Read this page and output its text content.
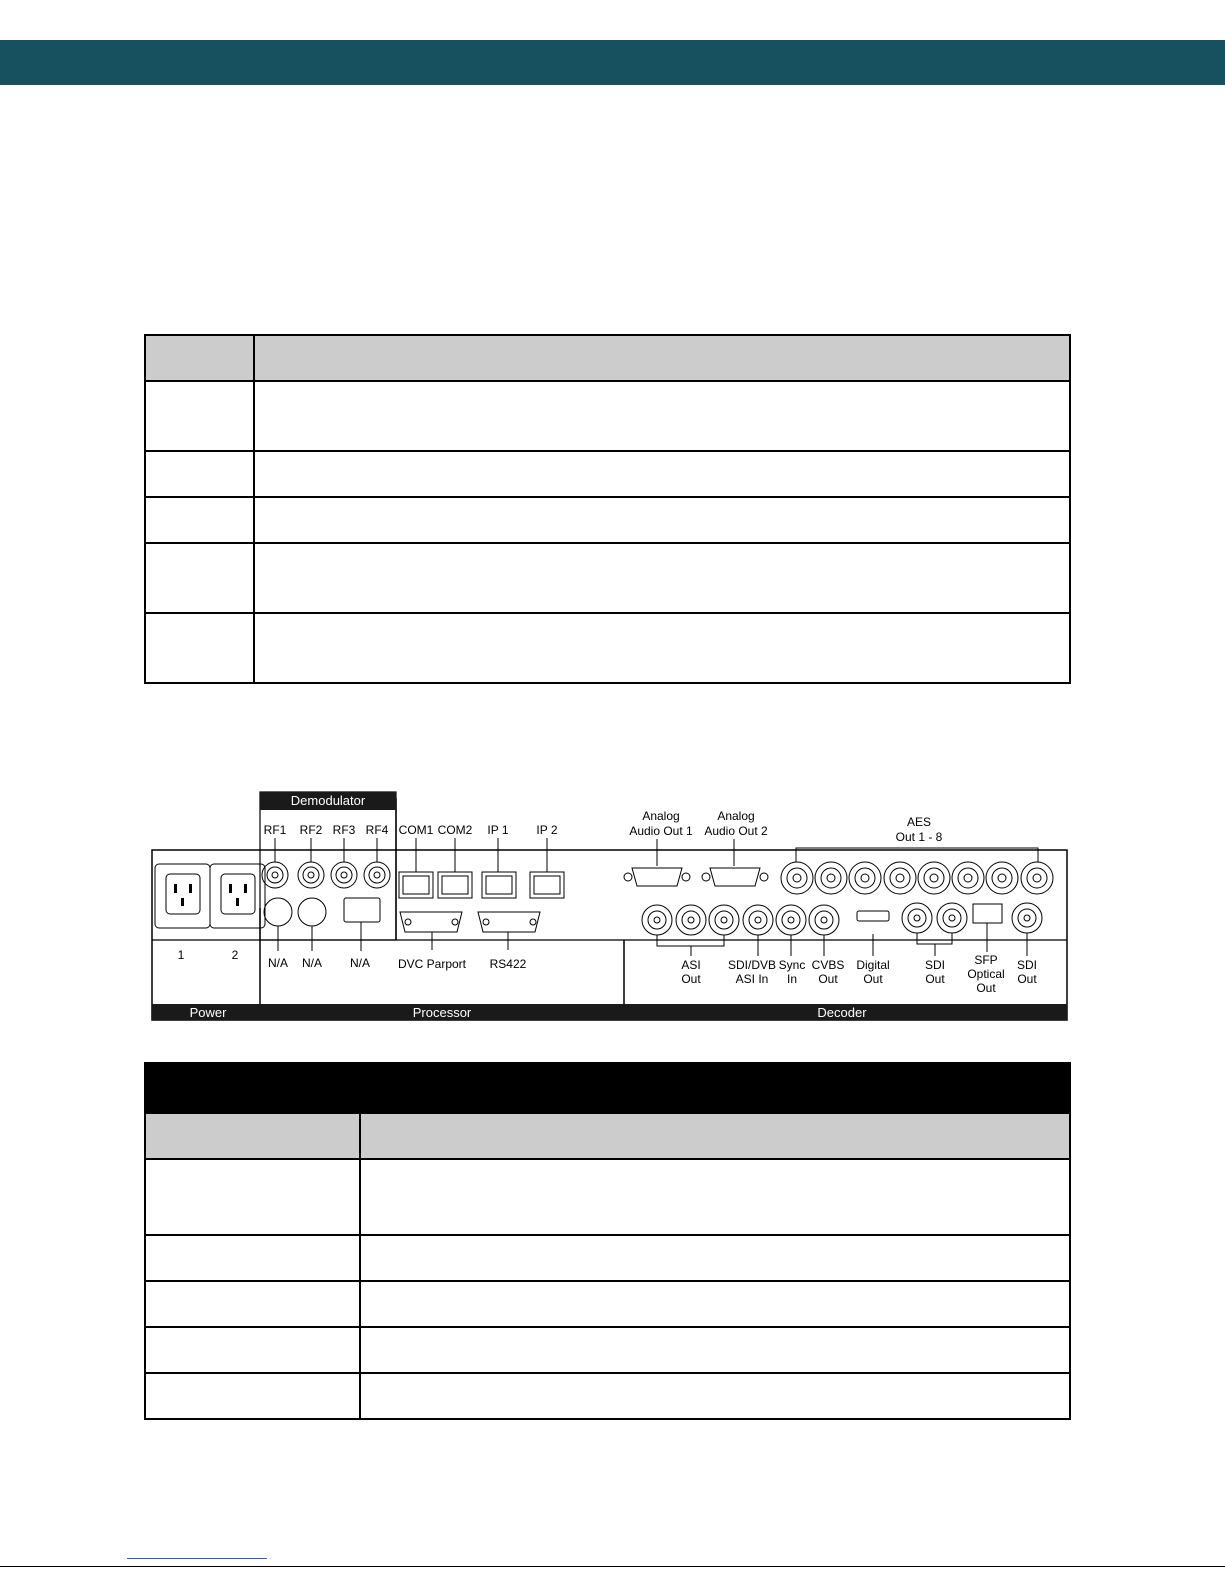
Demodulator
Power	Processor	Decoder
1	2
RF1 RF2 RF3 RF4
N/A N/A N/A
COM1 COM2 IP 1 IP 2
DVC Parport RS422
Analog
Audio Out 1
Analog
Audio Out 2
AES
Out 1 - 8
ASI
Out
SDI/DVB
ASI In
Sync
In
CVBS
Out
Digital
Out
SDI
Out
SFP
Optical
Out
SDI
Out
